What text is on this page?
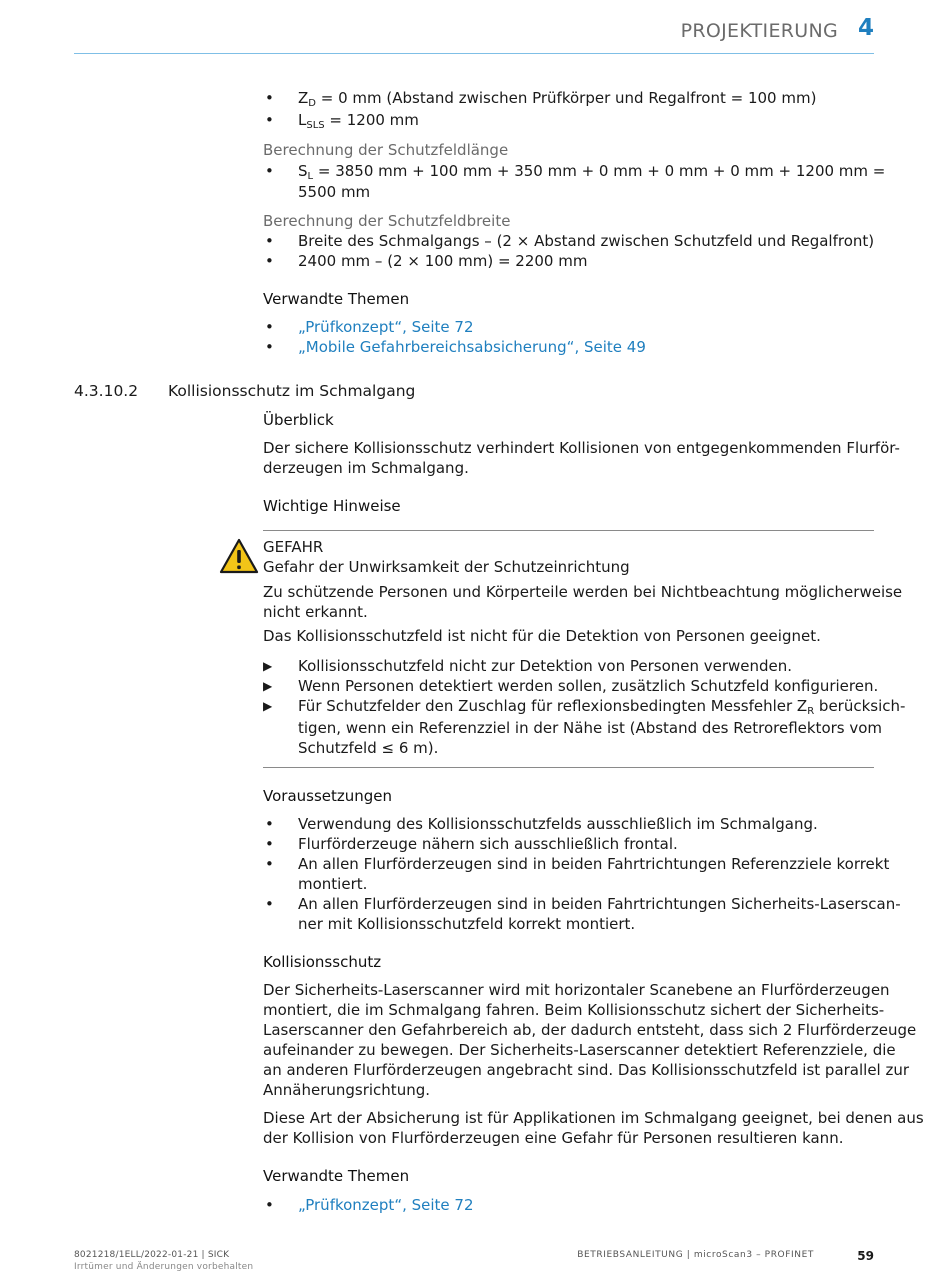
PROJEKTIERUNG 4
• $Z_D = 0$ mm (Abstand zwischen Prüfkörper und Regalfront = 100 mm)
• $L_{SLS} = 1200$ mm
Berechnung der Schutzfeldlänge
• $S_L = 3850$ mm + 100 mm + 350 mm + 0 mm + 0 mm + 0 mm + 1200 mm =
5500 mm
Berechnung der Schutzfeldbreite
• Breite des Schmalgangs – (2 × Abstand zwischen Schutzfeld und Regalfront)
• 2400 mm – (2 × 100 mm) = 2200 mm
Verwandte Themen
• „Prüfkonzept“, Seite 72
• „Mobile Gefahrbereichsabsicherung“, Seite 49
4.3.10.2 Kollisionsschutz im Schmalgang
Überblick
Der sichere Kollisionsschutz verhindert Kollisionen von entgegenkommenden Flurför-
derzeugen im Schmalgang.
Wichtige Hinweise
GEFAHR
Gefahr der Unwirksamkeit der Schutzeinrichtung
Zu schützende Personen und Körperteile werden bei Nichtbeachtung möglicherweise
nicht erkannt.
Das Kollisionsschutzfeld ist nicht für die Detektion von Personen geeignet.
▶ Kollisionsschutzfeld nicht zur Detektion von Personen verwenden.
▶ Wenn Personen detektiert werden sollen, zusätzlich Schutzfeld konfigurieren.
▶ Für Schutzfelder den Zuschlag für reflexionsbedingten Messfehler $Z_R$ berücksich-
tigen, wenn ein Referenzziel in der Nähe ist (Abstand des Retroreflektors vom
Schutzfeld ≤ 6 m).
Voraussetzungen
• Verwendung des Kollisionsschutzfelds ausschließlich im Schmalgang.
• Flurförderzeuge nähern sich ausschließlich frontal.
• An allen Flurförderzeugen sind in beiden Fahrtrichtungen Referenzziele korrekt
montiert.
• An allen Flurförderzeugen sind in beiden Fahrtrichtungen Sicherheits-Laserscan-
ner mit Kollisionsschutzfeld korrekt montiert.
Kollisionsschutz
Der Sicherheits-Laserscanner wird mit horizontaler Scanebene an Flurförderzeugen
montiert, die im Schmalgang fahren. Beim Kollisionsschutz sichert der Sicherheits-
Laserscanner den Gefahrbereich ab, der dadurch entsteht, dass sich 2 Flurförderzeuge
aufeinander zu bewegen. Der Sicherheits-Laserscanner detektiert Referenzziele, die
an anderen Flurförderzeugen angebracht sind. Das Kollisionsschutzfeld ist parallel zur
Annäherungsrichtung.
Diese Art der Absicherung ist für Applikationen im Schmalgang geeignet, bei denen aus
der Kollision von Flurförderzeugen eine Gefahr für Personen resultieren kann.
Verwandte Themen
• „Prüfkonzept“, Seite 72
8021218/1ELL/2022-01-21 | SICK
Irrtümer und Änderungen vorbehalten
BETRIEBSANLEITUNG | microScan3 – PROFINET	59
